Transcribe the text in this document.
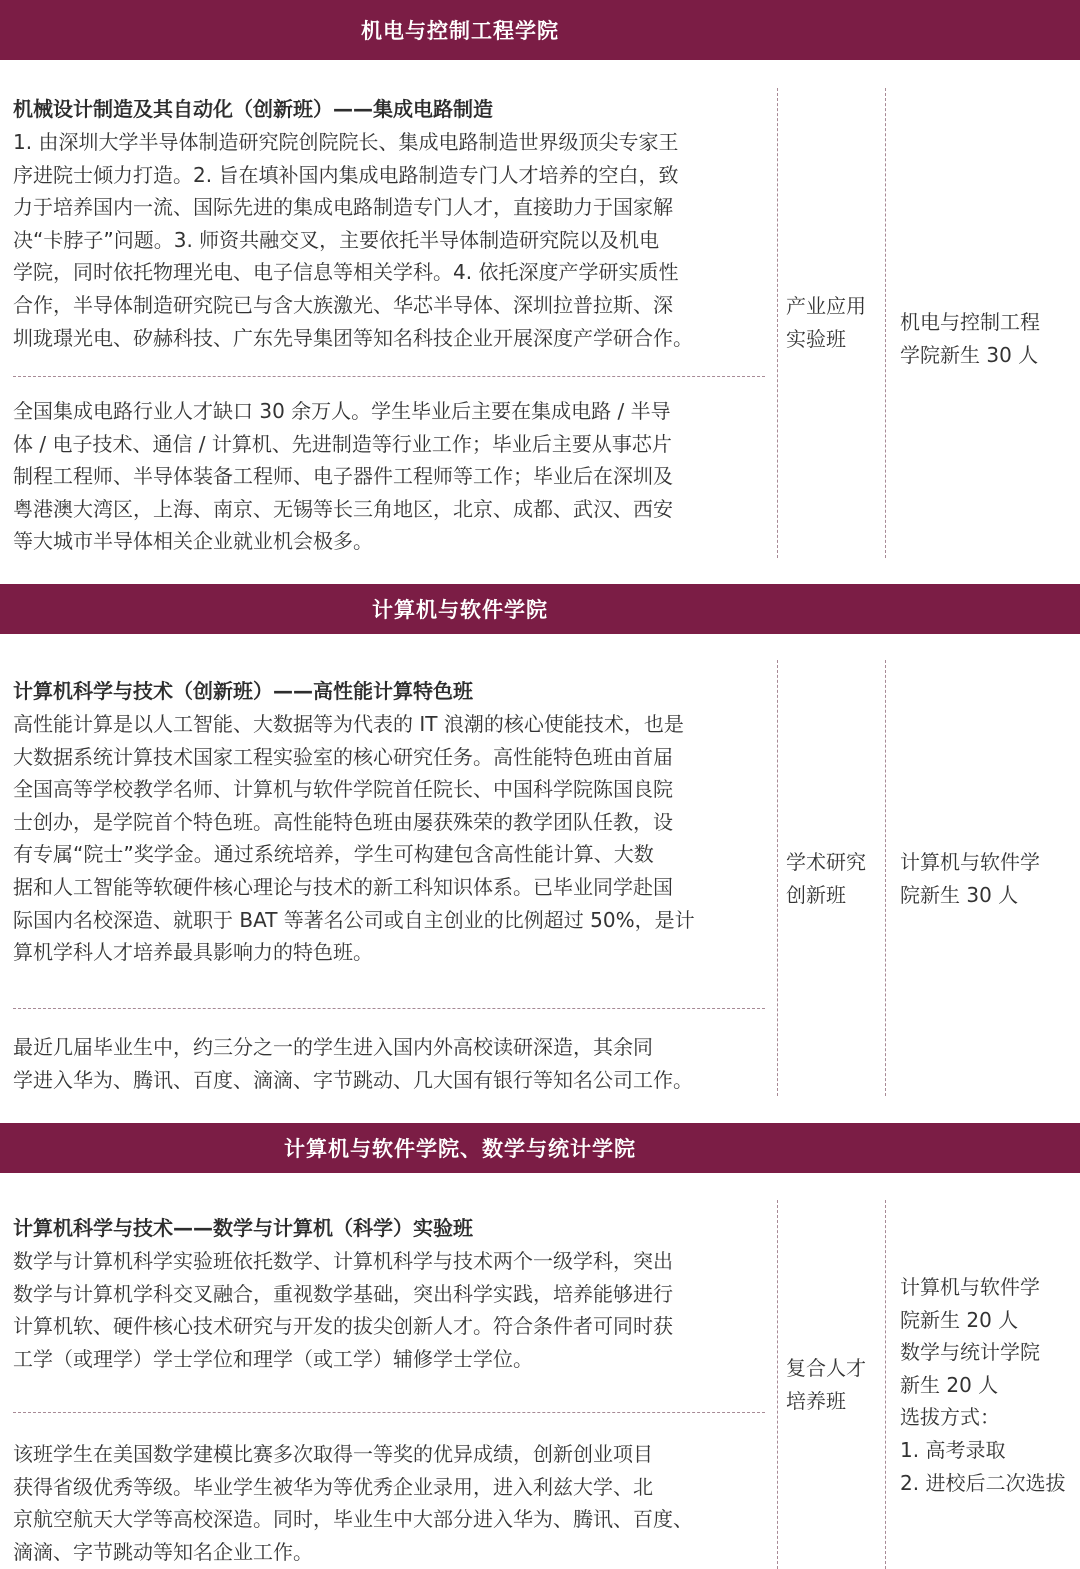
机电与控制工程学院
机械设计制造及其自动化（创新班）——集成电路制造
1. 由深圳大学半导体制造研究院创院院长、集成电路制造世界级顶尖专家王
序进院士倾力打造。2. 旨在填补国内集成电路制造专门人才培养的空白，致
力于培养国内一流、国际先进的集成电路制造专门人才，直接助力于国家解
决“卡脖子”问题。3. 师资共融交叉，主要依托半导体制造研究院以及机电
学院，同时依托物理光电、电子信息等相关学科。4. 依托深度产学研实质性
合作，半导体制造研究院已与含大族激光、华芯半导体、深圳拉普拉斯、深
圳珑璟光电、矽赫科技、广东先导集团等知名科技企业开展深度产学研合作。
全国集成电路行业人才缺口 30 余万人。学生毕业后主要在集成电路 / 半导
体 / 电子技术、通信 / 计算机、先进制造等行业工作；毕业后主要从事芯片
制程工程师、半导体装备工程师、电子器件工程师等工作；毕业后在深圳及
粤港澳大湾区，上海、南京、无锡等长三角地区，北京、成都、武汉、西安
等大城市半导体相关企业就业机会极多。
产业应用
实验班
机电与控制工程
学院新生 30 人
计算机与软件学院
计算机科学与技术（创新班）——高性能计算特色班
高性能计算是以人工智能、大数据等为代表的 IT 浪潮的核心使能技术，也是
大数据系统计算技术国家工程实验室的核心研究任务。高性能特色班由首届
全国高等学校教学名师、计算机与软件学院首任院长、中国科学院陈国良院
士创办，是学院首个特色班。高性能特色班由屡获殊荣的教学团队任教，设
有专属“院士”奖学金。通过系统培养，学生可构建包含高性能计算、大数
据和人工智能等软硬件核心理论与技术的新工科知识体系。已毕业同学赴国
际国内名校深造、就职于 BAT 等著名公司或自主创业的比例超过 50%，是计
算机学科人才培养最具影响力的特色班。
最近几届毕业生中，约三分之一的学生进入国内外高校读研深造，其余同
学进入华为、腾讯、百度、滴滴、字节跳动、几大国有银行等知名公司工作。
学术研究
创新班
计算机与软件学
院新生 30 人
计算机与软件学院、数学与统计学院
计算机科学与技术——数学与计算机（科学）实验班
数学与计算机科学实验班依托数学、计算机科学与技术两个一级学科，突出
数学与计算机学科交叉融合，重视数学基础，突出科学实践，培养能够进行
计算机软、硬件核心技术研究与开发的拔尖创新人才。符合条件者可同时获
工学（或理学）学士学位和理学（或工学）辅修学士学位。
该班学生在美国数学建模比赛多次取得一等奖的优异成绩，创新创业项目
获得省级优秀等级。毕业学生被华为等优秀企业录用，进入利兹大学、北
京航空航天大学等高校深造。同时，毕业生中大部分进入华为、腾讯、百度、
滴滴、字节跳动等知名企业工作。
复合人才
培养班
计算机与软件学
院新生 20 人
数学与统计学院
新生 20 人
选拔方式：
1. 高考录取
2. 进校后二次选拔
